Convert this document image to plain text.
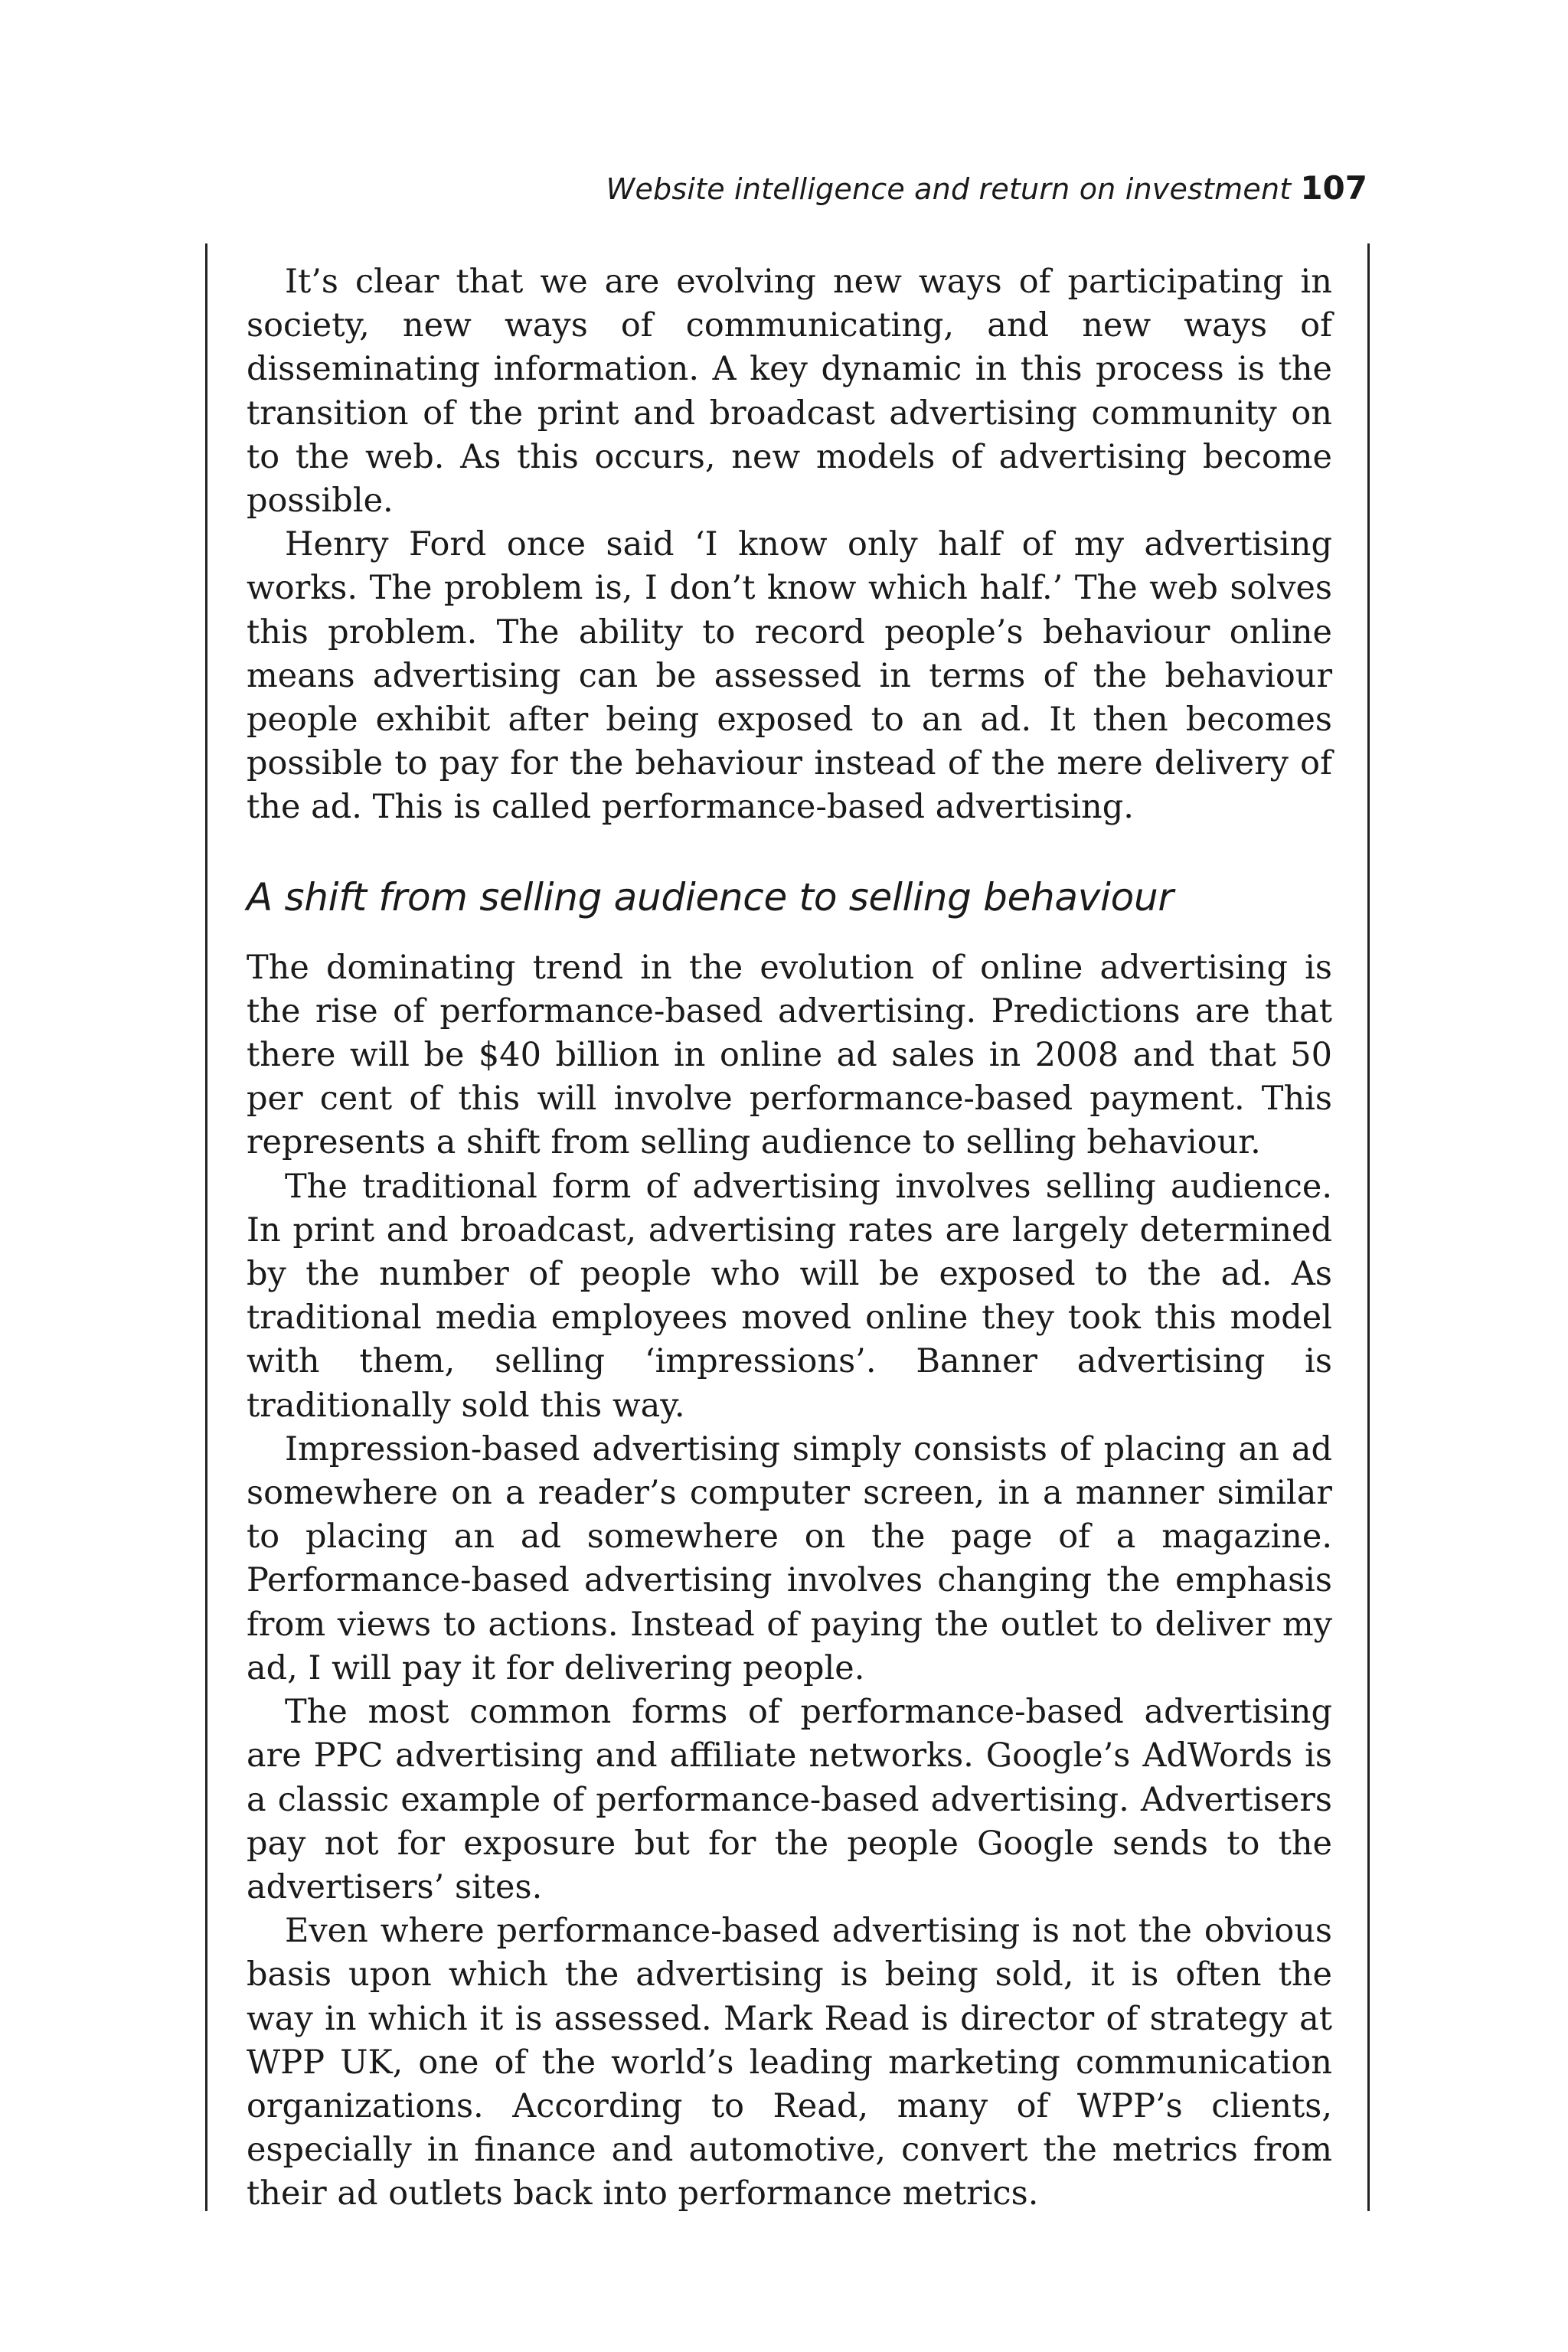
Website intelligence and return on investment 107

It’s clear that we are evolving new ways of participating in society, new ways of communicating, and new ways of disseminating information. A key dynamic in this process is the transition of the print and broadcast advertising community on to the web. As this occurs, new models of advertising become possible.

Henry Ford once said ‘I know only half of my advertising works. The problem is, I don’t know which half.’ The web solves this problem. The ability to record people’s behaviour online means advertising can be assessed in terms of the behaviour people exhibit after being exposed to an ad. It then becomes possible to pay for the behaviour instead of the mere delivery of the ad. This is called performance-based advertising.

A shift from selling audience to selling behaviour

The dominating trend in the evolution of online advertising is the rise of performance-based advertising. Predictions are that there will be $40 billion in online ad sales in 2008 and that 50 per cent of this will involve performance-based payment. This represents a shift from selling audience to selling behaviour.

The traditional form of advertising involves selling audience. In print and broadcast, advertising rates are largely determined by the number of people who will be exposed to the ad. As traditional media employees moved online they took this model with them, selling ‘impressions’. Banner advertising is traditionally sold this way.

Impression-based advertising simply consists of placing an ad somewhere on a reader’s computer screen, in a manner similar to placing an ad somewhere on the page of a magazine. Performance-based advertising involves changing the emphasis from views to actions. Instead of paying the outlet to deliver my ad, I will pay it for delivering people.

The most common forms of performance-based advertising are PPC advertising and affiliate networks. Google’s AdWords is a classic example of performance-based advertising. Advertisers pay not for exposure but for the people Google sends to the advertisers’ sites.

Even where performance-based advertising is not the obvious basis upon which the advertising is being sold, it is often the way in which it is assessed. Mark Read is director of strategy at WPP UK, one of the world’s leading marketing communication organizations. According to Read, many of WPP’s clients, especially in finance and automotive, convert the metrics from their ad outlets back into performance metrics.
